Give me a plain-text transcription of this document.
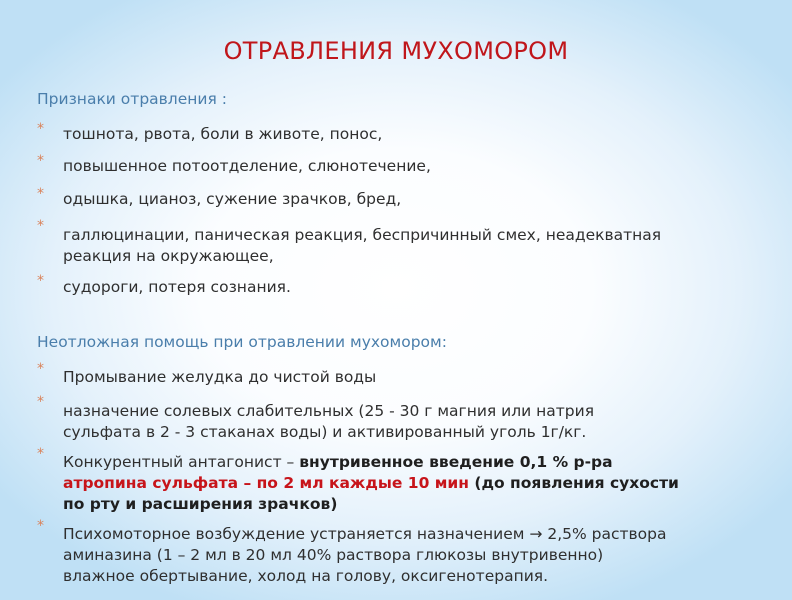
ОТРАВЛЕНИЯ МУХОМОРОМ
Признаки отравления :
* тошнота, рвота, боли в животе, понос,
* повышенное потоотделение, слюнотечение,
* одышка, цианоз, сужение зрачков, бред,
* галлюцинации, паническая реакция, беспричинный смех, неадекватная
реакция на окружающее,
* судороги, потеря сознания.
Неотложная помощь при отравлении мухомором:
* Промывание желудка до чистой воды
* назначение солевых слабительных (25 - 30 г магния или натрия
сульфата в 2 - 3 стаканах воды) и активированный уголь 1г/кг.
* Конкурентный антагонист – внутривенное введение 0,1 % р-ра
атропина сульфата – по 2 мл каждые 10 мин (до появления сухости
по рту и расширения зрачков)
* Психомоторное возбуждение устраняется назначением → 2,5% раствора
аминазина (1 – 2 мл в 20 мл 40% раствора глюкозы внутривенно)
влажное обертывание, холод на голову, оксигенотерапия.
